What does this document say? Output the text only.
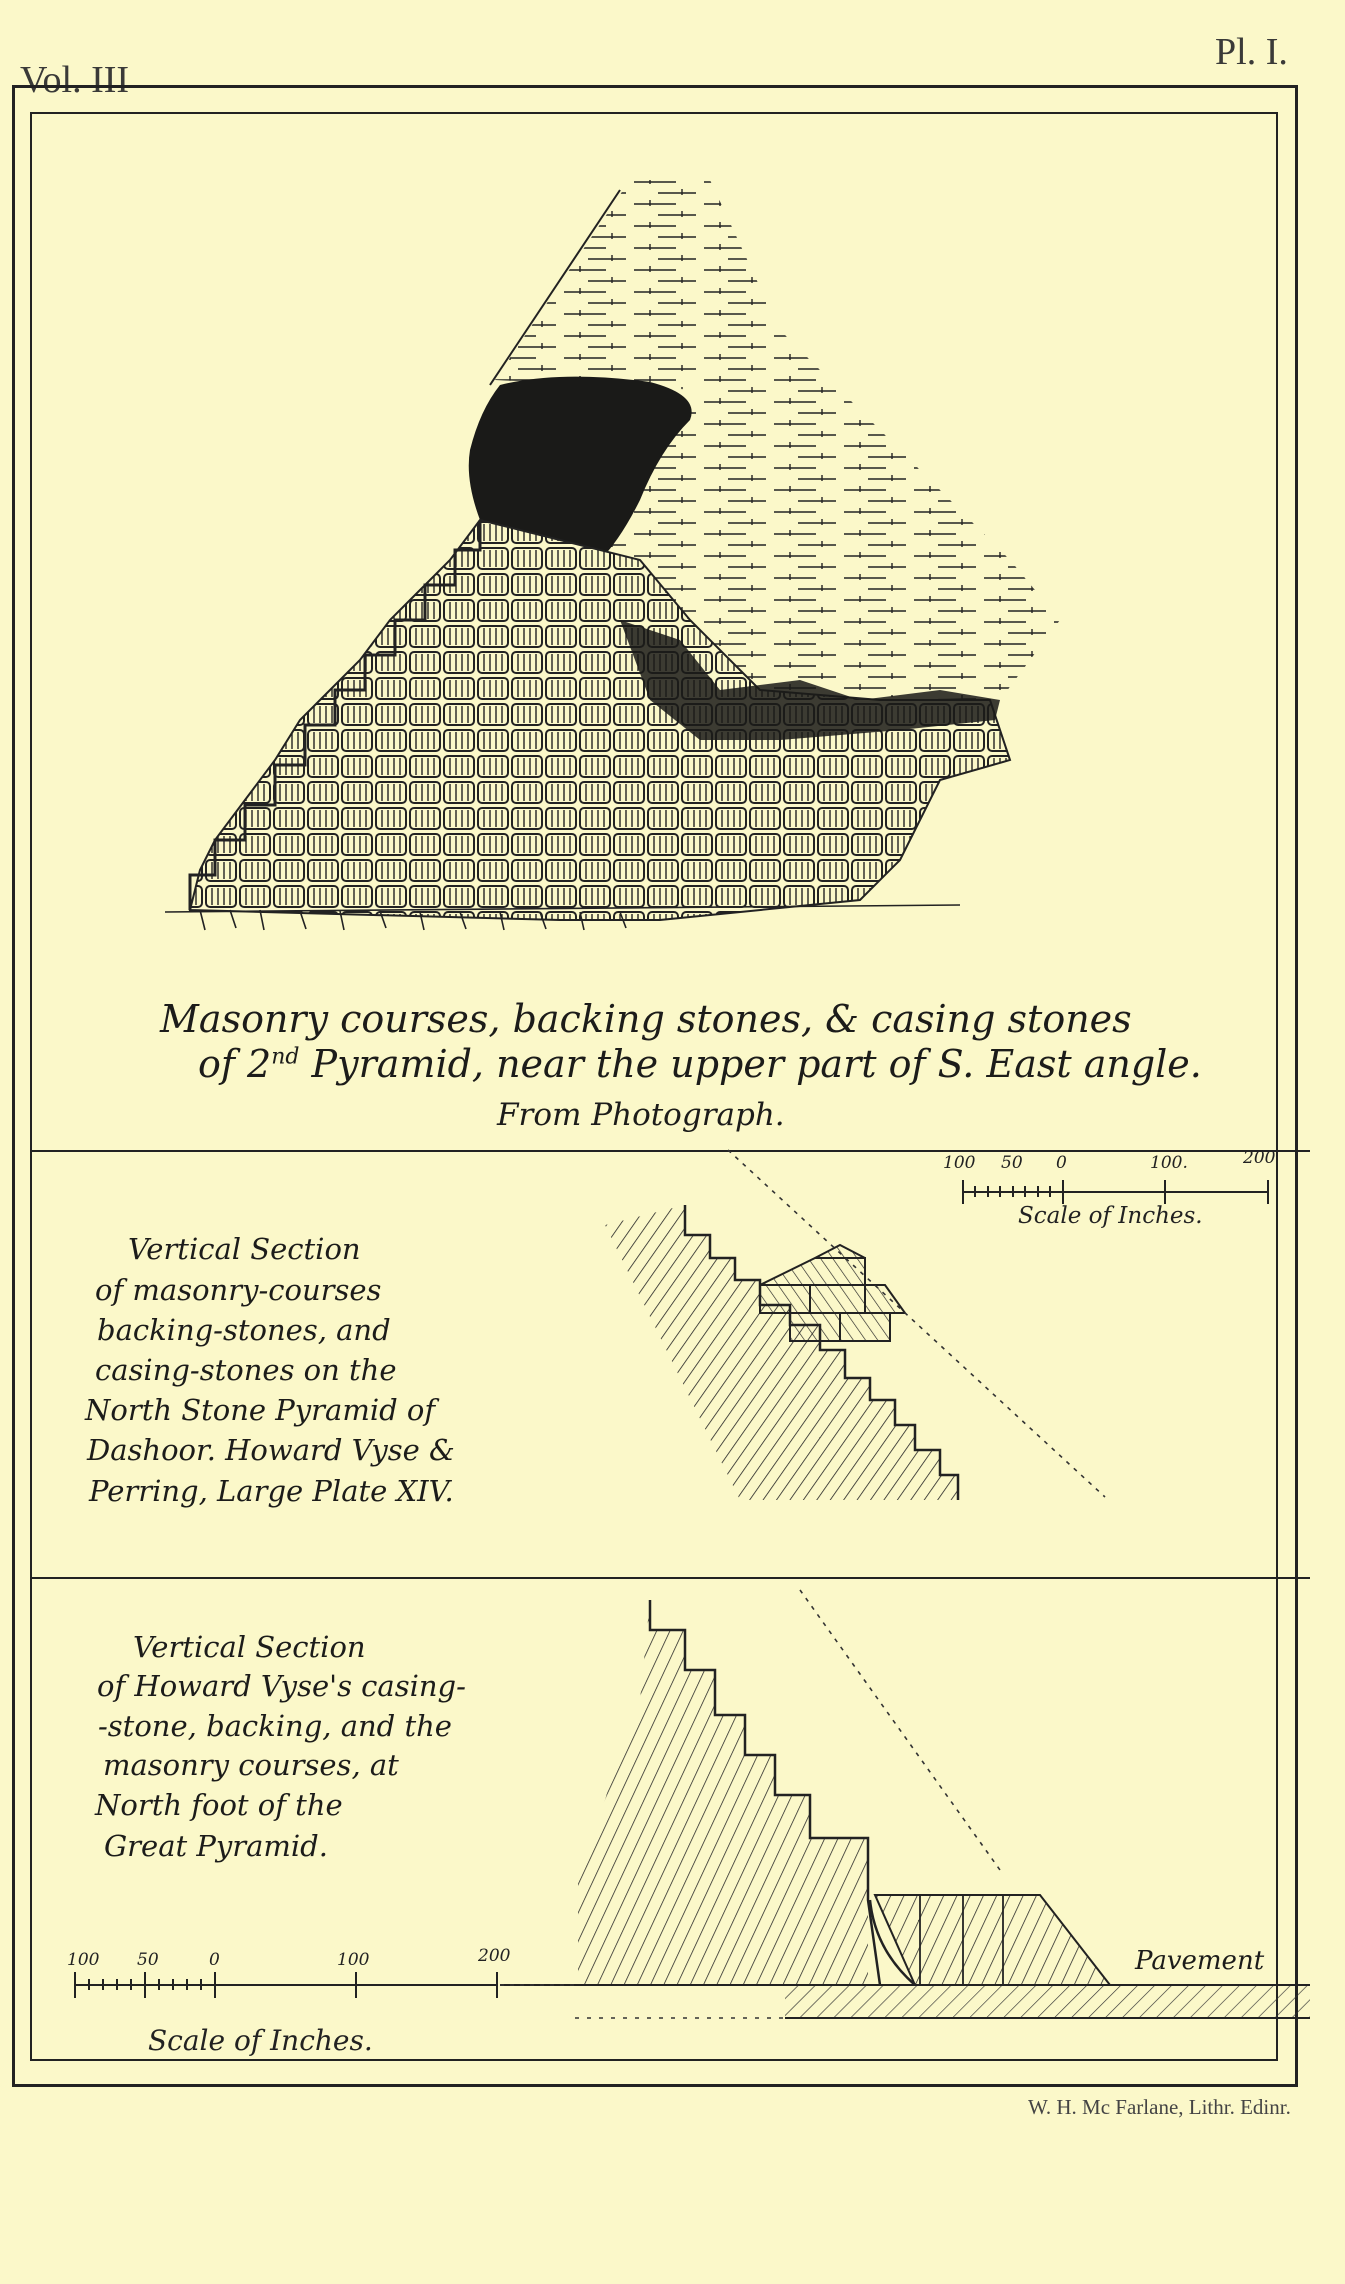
Vol. III
Pl. I.
Masonry courses, backing stones, & casing stones
of 2nd Pyramid, near the upper part of S. East angle.
From Photograph.
Vertical Section
of masonry-courses
backing-stones, and
casing-stones on the
North Stone Pyramid of
Dashoor. Howard Vyse &
Perring, Large Plate XIV.
100 50 0	100.	200
Scale of Inches.
Vertical Section
of Howard Vyse's casing-
-stone, backing, and the
masonry courses, at
North foot of the
Great Pyramid.
Pavement
100 50	0	100	200
Scale of Inches.
W. H. Mc Farlane, Lithr. Edinr.
